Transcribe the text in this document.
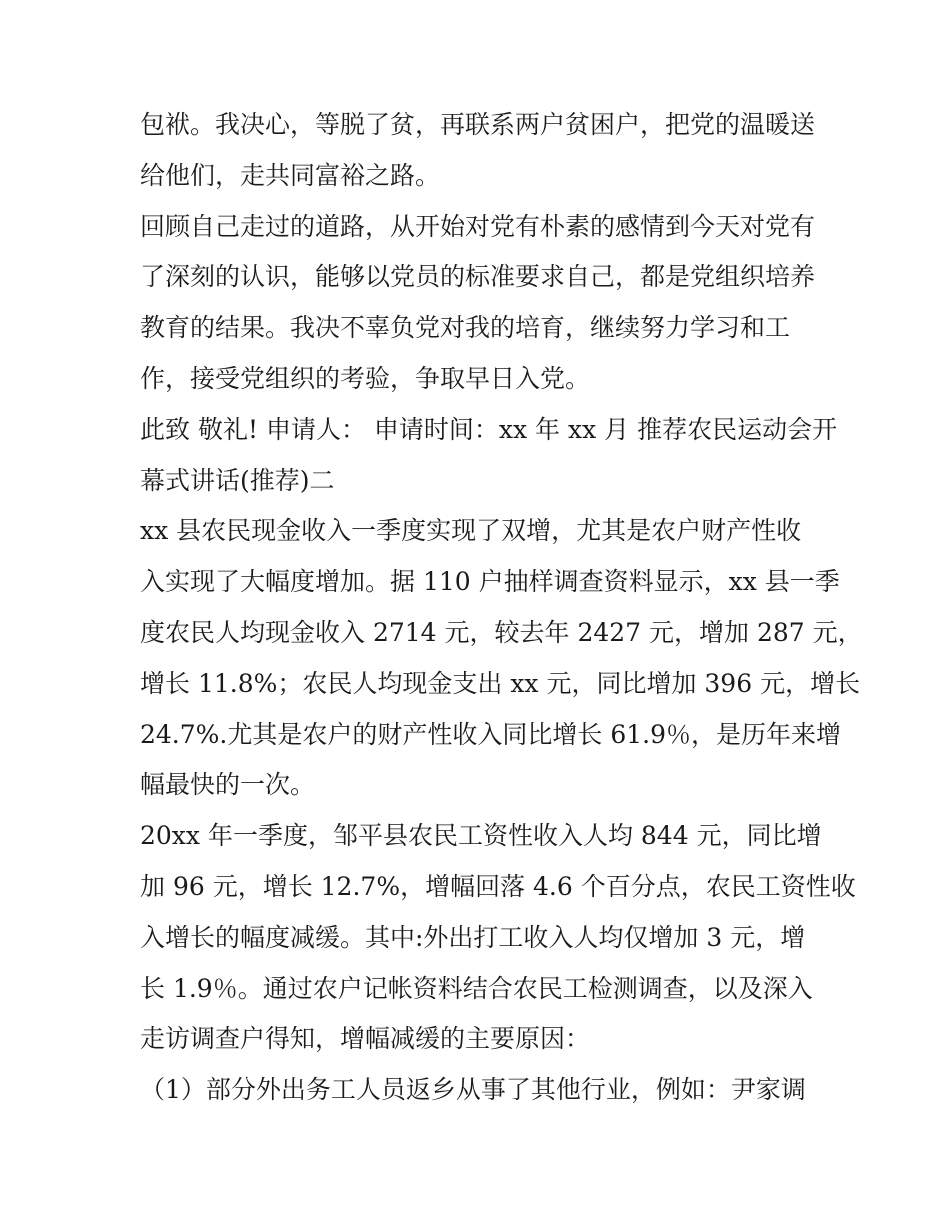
包袱。我决心，等脱了贫，再联系两户贫困户，把党的温暖送
给他们，走共同富裕之路。

回顾自己走过的道路，从开始对党有朴素的感情到今天对党有
了深刻的认识，能够以党员的标准要求自己，都是党组织培养
教育的结果。我决不辜负党对我的培育，继续努力学习和工
作，接受党组织的考验，争取早日入党。

此致 敬礼! 申请人： 申请时间：xx 年 xx 月 推荐农民运动会开
幕式讲话(推荐)二

xx 县农民现金收入一季度实现了双增，尤其是农户财产性收
入实现了大幅度增加。据 110 户抽样调查资料显示，xx 县一季
度农民人均现金收入 2714 元，较去年 2427 元，增加 287 元，
增长 11.8%；农民人均现金支出 xx 元，同比增加 396 元，增长
24.7%.尤其是农户的财产性收入同比增长 61.9％，是历年来增
幅最快的一次。

20xx 年一季度，邹平县农民工资性收入人均 844 元，同比增
加 96 元，增长 12.7%，增幅回落 4.6 个百分点，农民工资性收
入增长的幅度减缓。其中:外出打工收入人均仅增加 3 元，增
长 1.9％。通过农户记帐资料结合农民工检测调查，以及深入
走访调查户得知，增幅减缓的主要原因：

（1）部分外出务工人员返乡从事了其他行业，例如：尹家调
